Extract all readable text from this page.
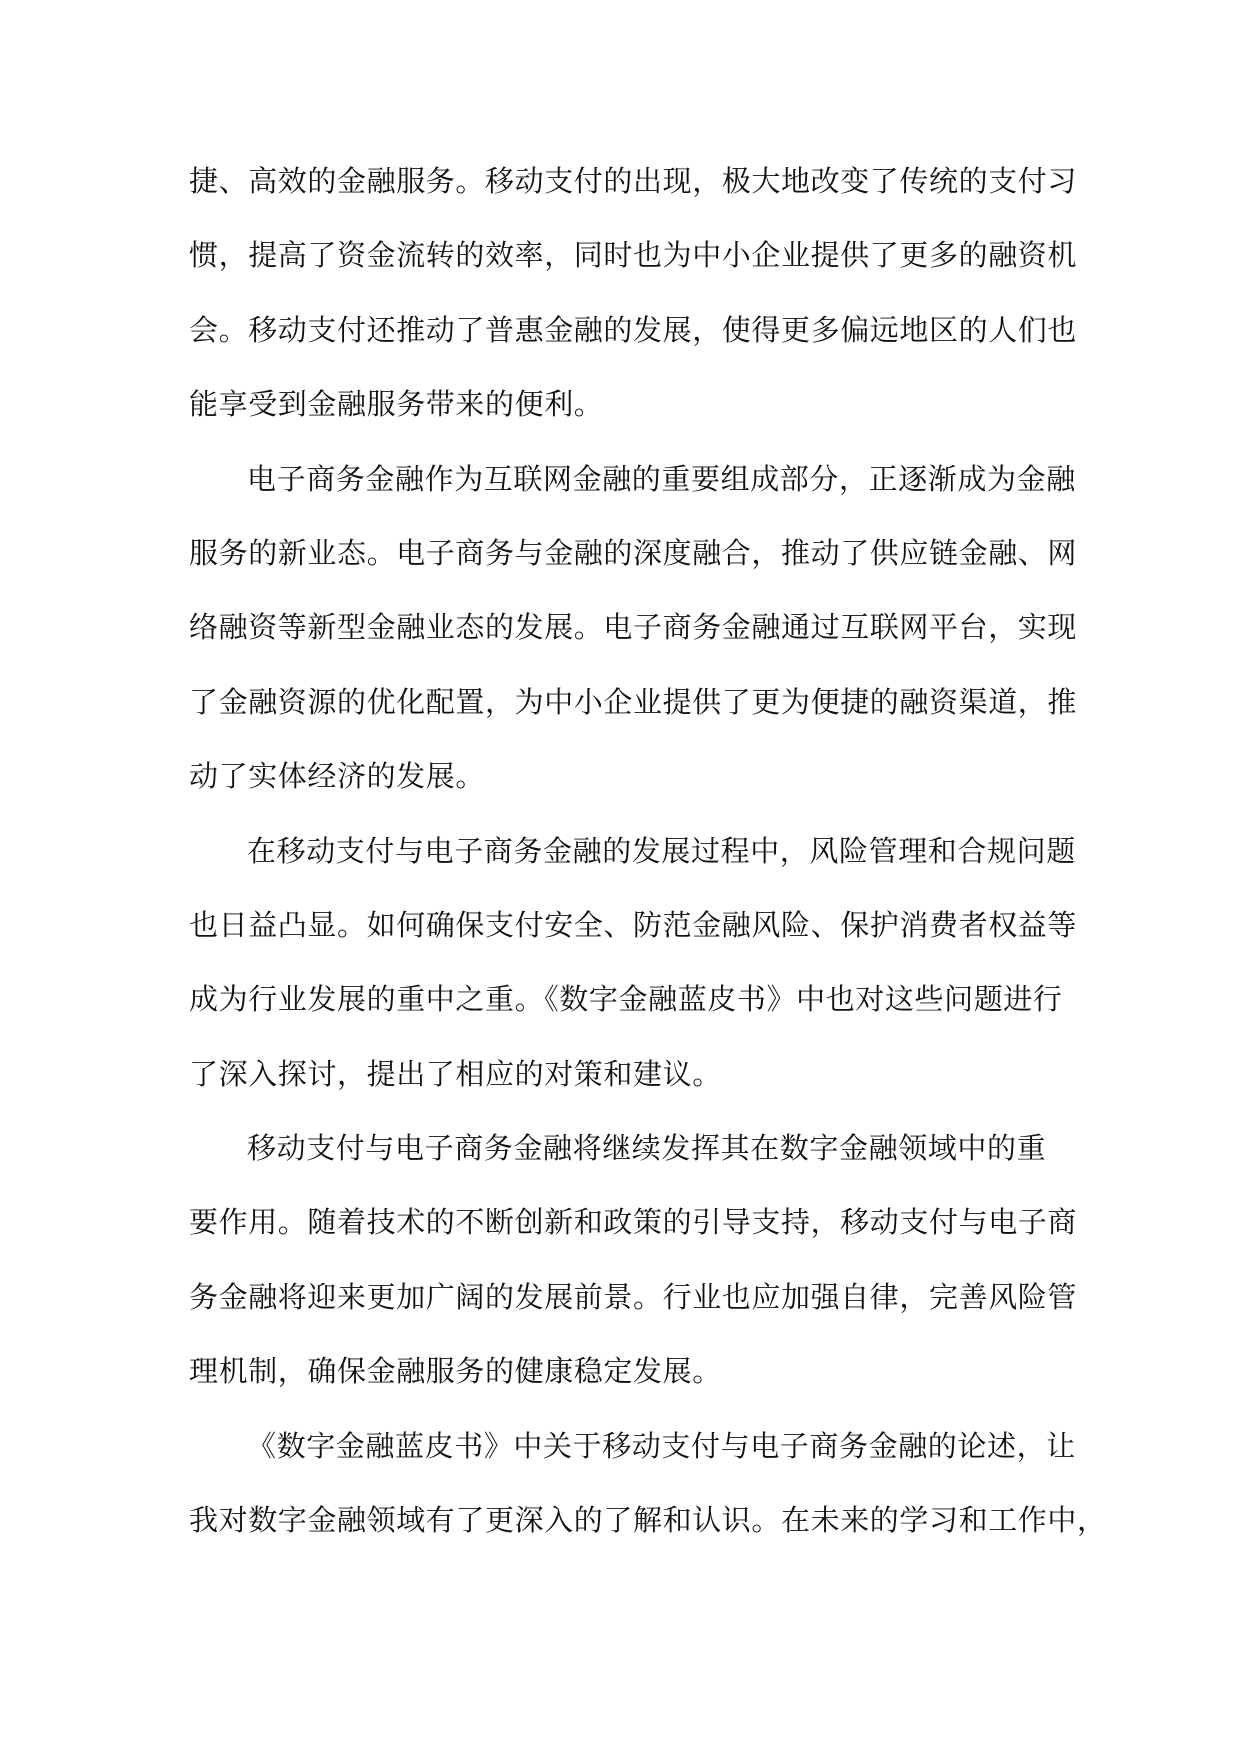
捷、高效的金融服务。移动支付的出现，极大地改变了传统的支付习
惯，提高了资金流转的效率，同时也为中小企业提供了更多的融资机
会。移动支付还推动了普惠金融的发展，使得更多偏远地区的人们也
能享受到金融服务带来的便利。
电子商务金融作为互联网金融的重要组成部分，正逐渐成为金融
服务的新业态。电子商务与金融的深度融合，推动了供应链金融、网
络融资等新型金融业态的发展。电子商务金融通过互联网平台，实现
了金融资源的优化配置，为中小企业提供了更为便捷的融资渠道，推
动了实体经济的发展。
在移动支付与电子商务金融的发展过程中，风险管理和合规问题
也日益凸显。如何确保支付安全、防范金融风险、保护消费者权益等
成为行业发展的重中之重。《数字金融蓝皮书》中也对这些问题进行
了深入探讨，提出了相应的对策和建议。
移动支付与电子商务金融将继续发挥其在数字金融领域中的重
要作用。随着技术的不断创新和政策的引导支持，移动支付与电子商
务金融将迎来更加广阔的发展前景。行业也应加强自律，完善风险管
理机制，确保金融服务的健康稳定发展。
《数字金融蓝皮书》中关于移动支付与电子商务金融的论述，让
我对数字金融领域有了更深入的了解和认识。在未来的学习和工作中，
